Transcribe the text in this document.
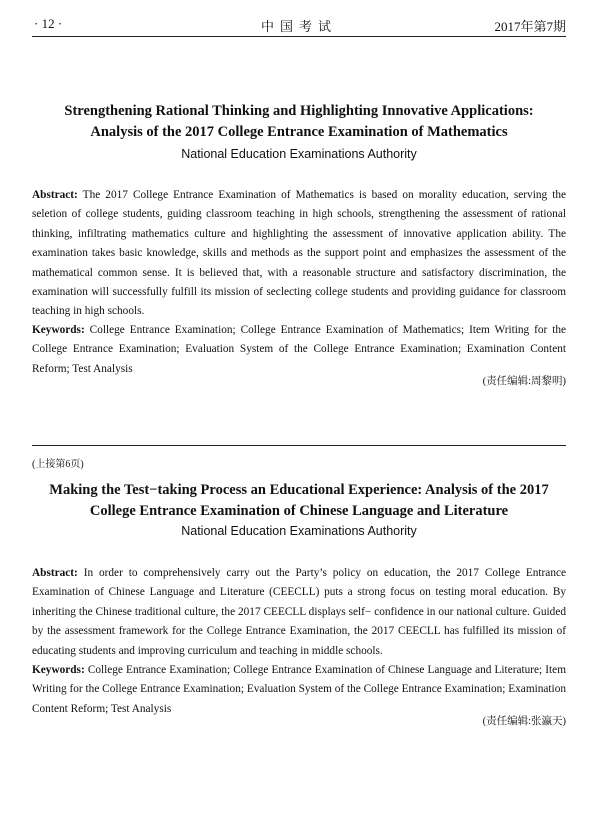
· 12 ·	中国考试	2017年第7期
Strengthening Rational Thinking and Highlighting Innovative Applications:
Analysis of the 2017 College Entrance Examination of Mathematics
National Education Examinations Authority
Abstract: The 2017 College Entrance Examination of Mathematics is based on morality education, serving the seletion of college students, guiding classroom teaching in high schools, strengthening the assessment of rational thinking, infiltrating mathematics culture and highlighting the assessment of innovative application ability. The examination takes basic knowledge, skills and methods as the support point and emphasizes the assessment of the mathematical common sense. It is believed that, with a reasonable structure and satisfactory discrimination, the examination will successfully fulfill its mission of seclecting college students and providing guidance for classroom teaching in high schools.
Keywords: College Entrance Examination; College Entrance Examination of Mathematics; Item Writing for the College Entrance Examination; Evaluation System of the College Entrance Examination; Examination Content Reform; Test Analysis
(责任编辑:周黎明)
(上接第6页)
Making the Test−taking Process an Educational Experience: Analysis of the 2017
College Entrance Examination of Chinese Language and Literature
National Education Examinations Authority
Abstract: In order to comprehensively carry out the Party’s policy on education, the 2017 College Entrance Examination of Chinese Language and Literature (CEECLL) puts a strong focus on testing moral education. By inheriting the Chinese traditional culture, the 2017 CEECLL displays self− confidence in our national culture. Guided by the assessment framework for the College Entrance Examination, the 2017 CEECLL has fulfilled its mission of educating students and improving curriculum and teaching in middle schools.
Keywords: College Entrance Examination; College Entrance Examination of Chinese Language and Literature; Item Writing for the College Entrance Examination; Evaluation System of the College Entrance Examination; Examination Content Reform; Test Analysis
(责任编辑:张瀛天)
